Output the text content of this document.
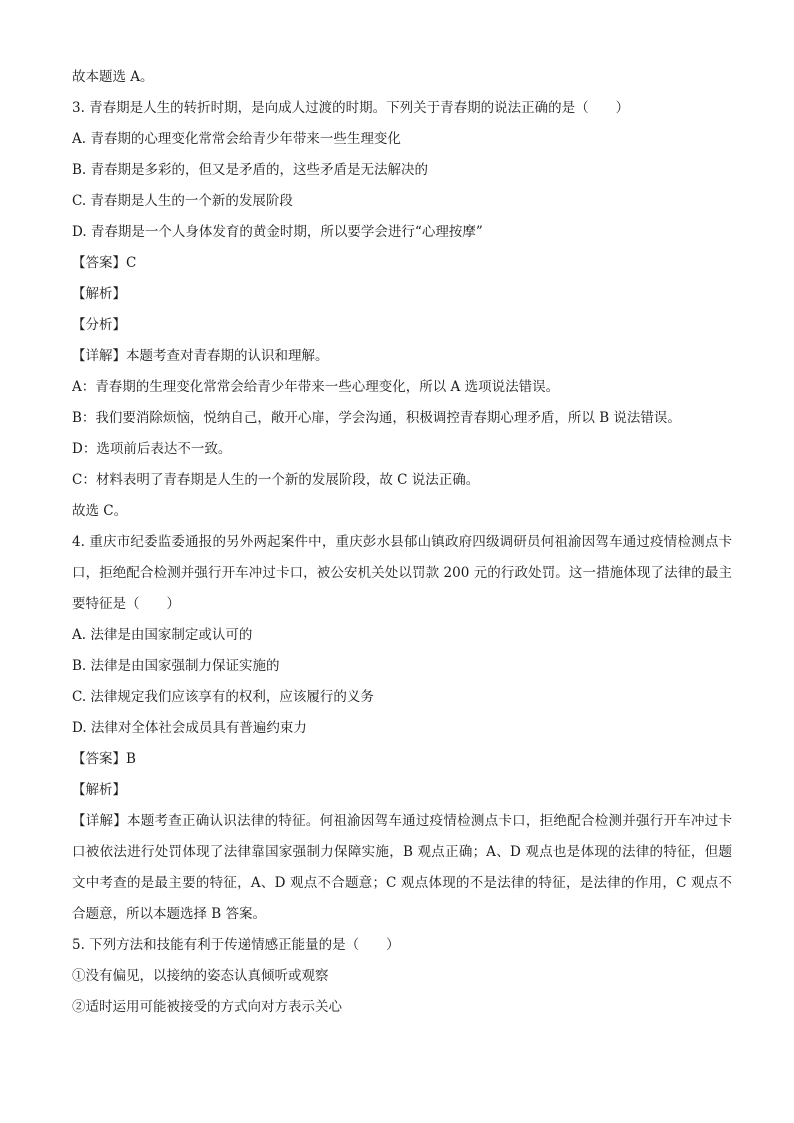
故本题选 A。
3. 青春期是人生的转折时期，是向成人过渡的时期。下列关于青春期的说法正确的是（　　）
A. 青春期的心理变化常常会给青少年带来一些生理变化
B. 青春期是多彩的，但又是矛盾的，这些矛盾是无法解决的
C. 青春期是人生的一个新的发展阶段
D. 青春期是一个人身体发育的黄金时期，所以要学会进行“心理按摩”
【答案】C
【解析】
【分析】
【详解】本题考查对青春期的认识和理解。
A：青春期的生理变化常常会给青少年带来一些心理变化，所以 A 选项说法错误。
B：我们要消除烦恼，悦纳自己，敞开心扉，学会沟通，积极调控青春期心理矛盾，所以 B 说法错误。
D：选项前后表达不一致。
C：材料表明了青春期是人生的一个新的发展阶段，故 C 说法正确。
故选 C。

4. 重庆市纪委监委通报的另外两起案件中，重庆彭水县郁山镇政府四级调研员何祖渝因驾车通过疫情检测点卡口，拒绝配合检测并强行开车冲过卡口，被公安机关处以罚款 200 元的行政处罚。这一措施体现了法律的最主要特征是（　　）

A. 法律是由国家制定或认可的
B. 法律是由国家强制力保证实施的
C. 法律规定我们应该享有的权利，应该履行的义务
D. 法律对全体社会成员具有普遍约束力
【答案】B
【解析】

【详解】本题考查正确认识法律的特征。何祖渝因驾车通过疫情检测点卡口，拒绝配合检测并强行开车冲过卡口被依法进行处罚体现了法律靠国家强制力保障实施，B 观点正确；A、D 观点也是体现的法律的特征，但题文中考查的是最主要的特征，A、D 观点不合题意；C 观点体现的不是法律的特征，是法律的作用，C 观点不合题意，所以本题选择 B 答案。

5. 下列方法和技能有利于传递情感正能量的是（　　）
①没有偏见，以接纳的姿态认真倾听或观察
②适时运用可能被接受的方式向对方表示关心
